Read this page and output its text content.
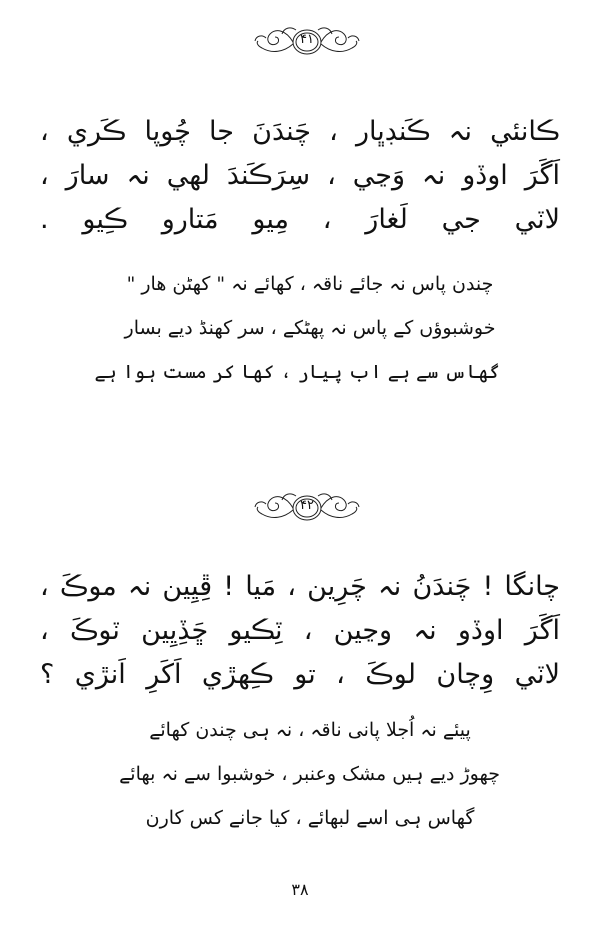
۴۱
ڪانئي نہ ڪَنڊڀار ، چَندَنَ جا چُوپا ڪَري ،
اَگَرَ اوڏو نہ وَڃي ، سِرَڪَندَ لھي نہ سارَ ،
لاٽي جي لَغارَ ، مِيو مَتارو ڪِيو .
چندن پاس نہ جائے ناقہ ، کھائے نہ " کھٹن ھار "
خوشبوؤں کے پاس نہ پھٹکے ، سر کھنڈ دیے بسار
گھاس سے ہے اب پیار ، کھا کر مست ہوا ہے
۴۲
چانگا ! چَندَنُ نہ چَرِين ، مَيا ! ڦِيِين نہ موڪَ ،
اَگَرَ اوڏو نہ وڃين ، ٽِڪيو ڇَڏِيِين ٽوڪَ ،
لاٽي وِچان لوڪَ ، تو ڪِهڙي اَکَرِ اَنڙي ؟
پیئے نہ اُجلا پانی ناقہ ، نہ ہی چندن کھائے
چھوڑ دیے ہیں مشک وعنبر ، خوشبوا سے نہ بھائے
گھاس ہی اسے لبھائے ، کیا جانے کس کارن
۳۸
